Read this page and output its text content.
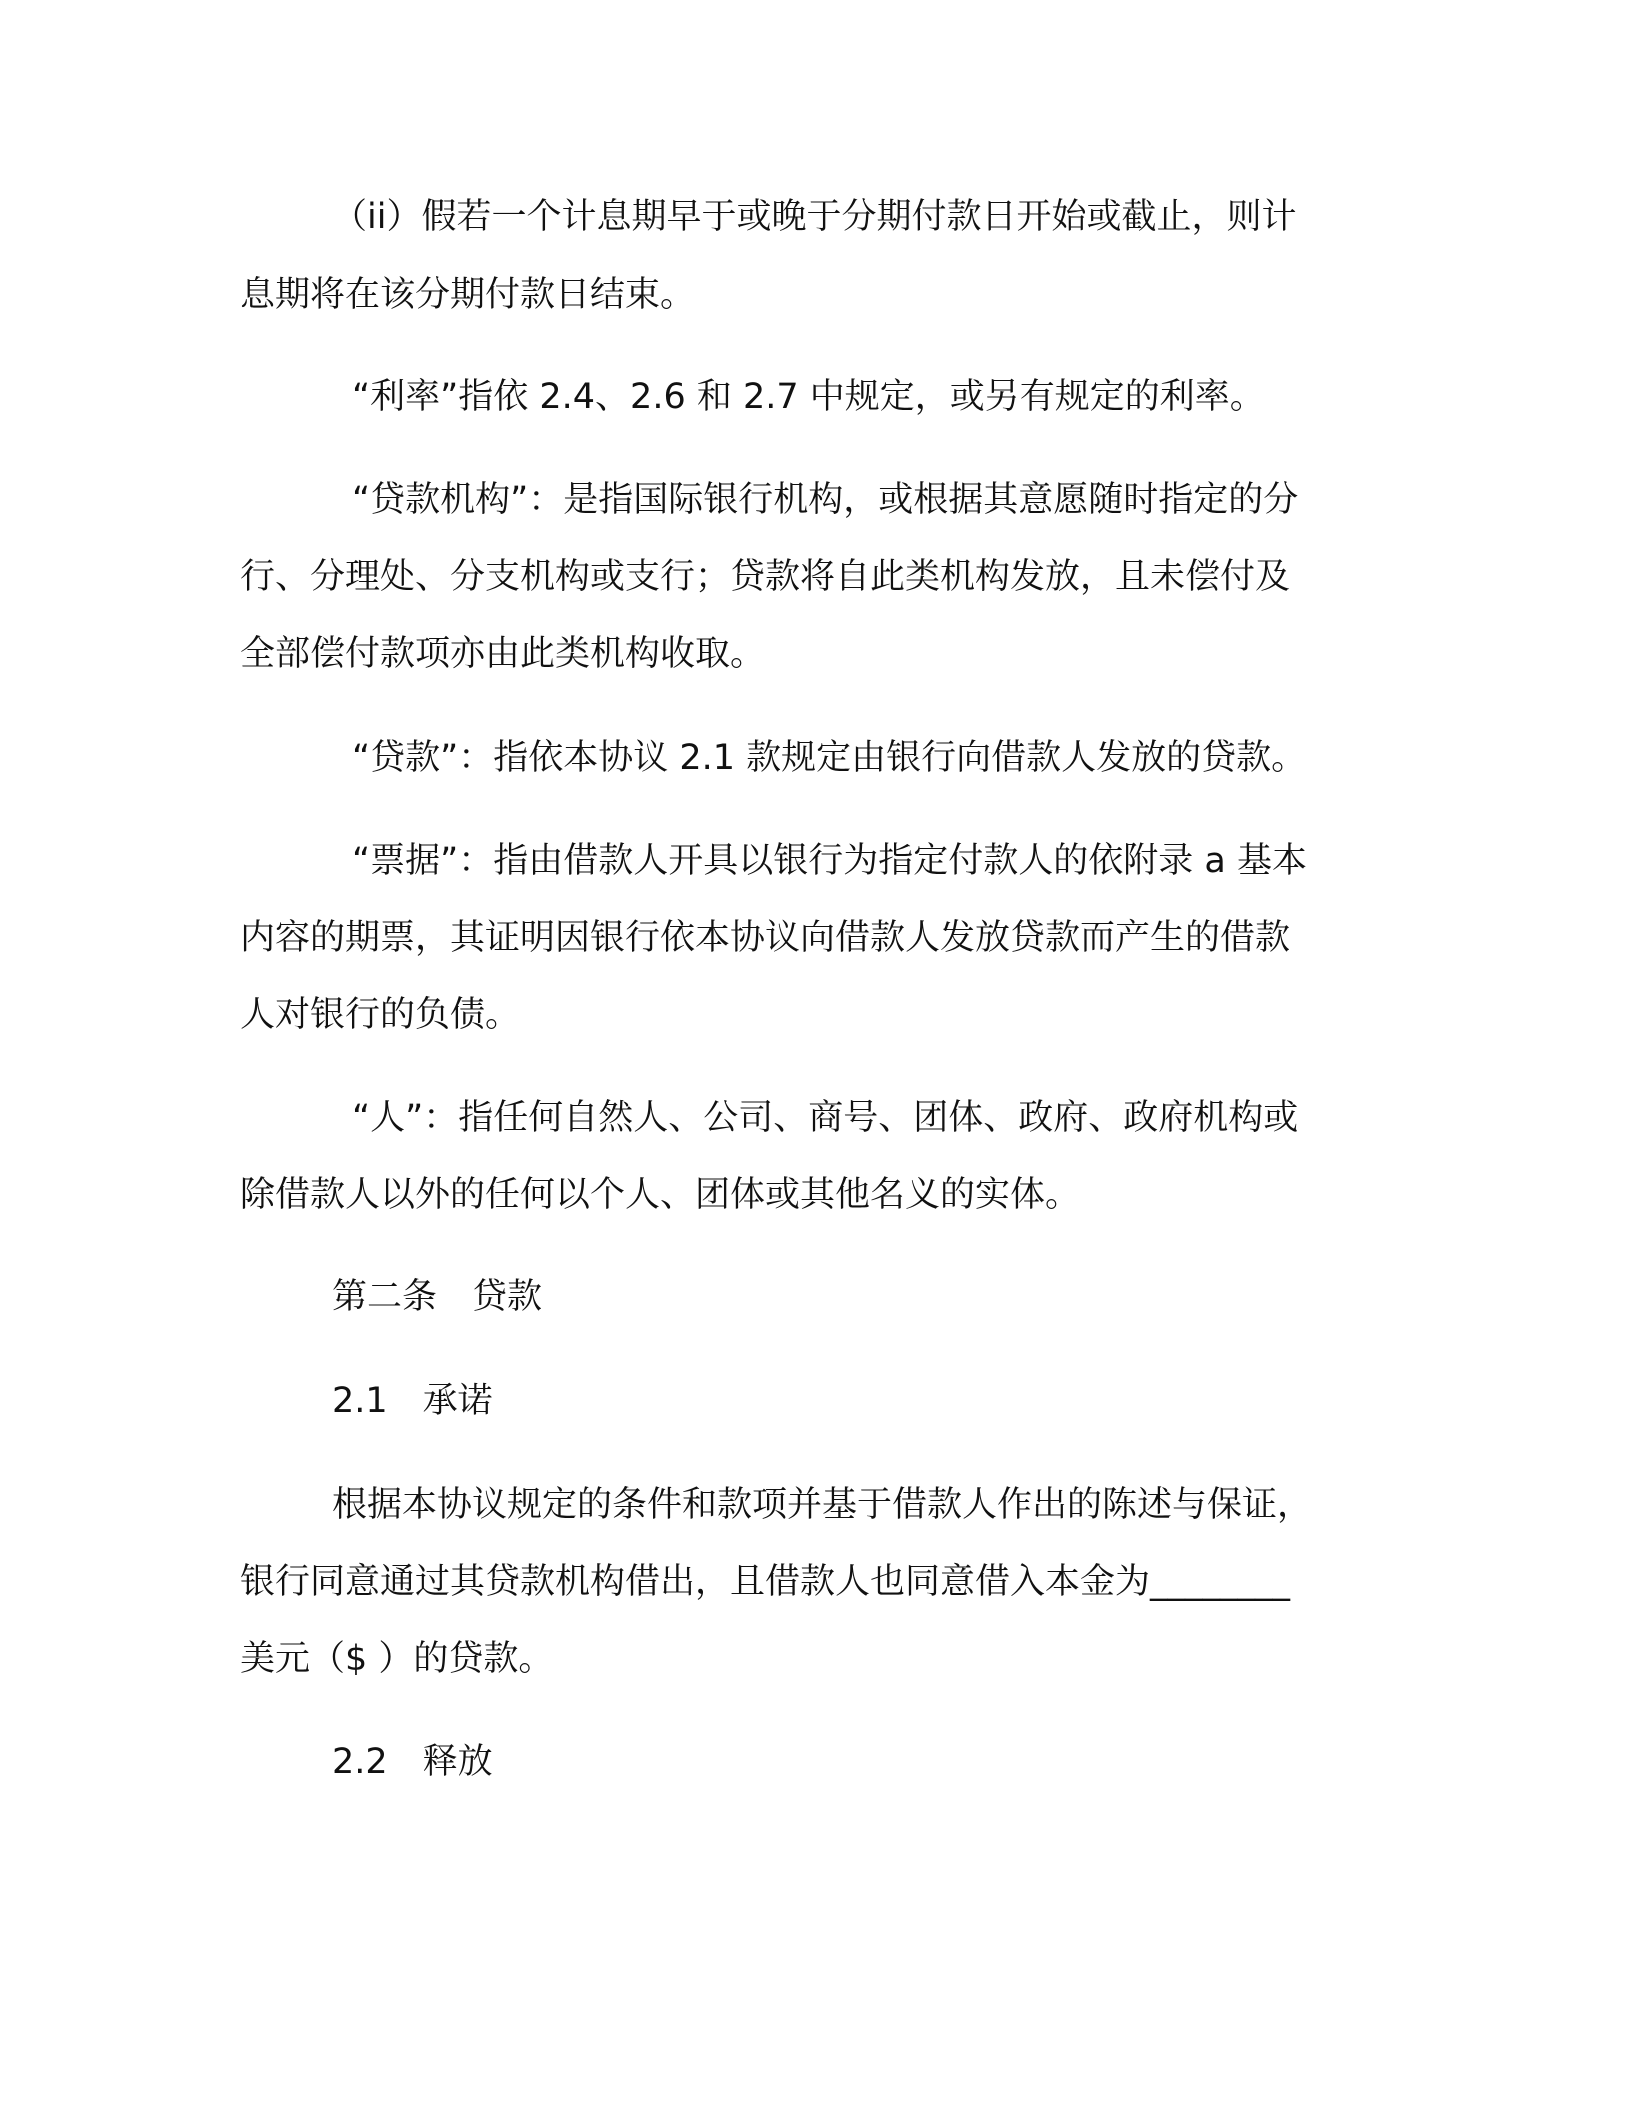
（ii）假若一个计息期早于或晚于分期付款日开始或截止，则计
息期将在该分期付款日结束。
“利率”指依 2.4、2.6 和 2.7 中规定，或另有规定的利率。
“贷款机构”：是指国际银行机构，或根据其意愿随时指定的分
行、分理处、分支机构或支行；贷款将自此类机构发放，且未偿付及
全部偿付款项亦由此类机构收取。
“贷款”：指依本协议 2.1 款规定由银行向借款人发放的贷款。
“票据”：指由借款人开具以银行为指定付款人的依附录 a 基本
内容的期票，其证明因银行依本协议向借款人发放贷款而产生的借款
人对银行的负债。
“人”：指任何自然人、公司、商号、团体、政府、政府机构或
除借款人以外的任何以个人、团体或其他名义的实体。
第二条　贷款
2.1　承诺
根据本协议规定的条件和款项并基于借款人作出的陈述与保证，
银行同意通过其贷款机构借出，且借款人也同意借入本金为________
美元（$ ）的贷款。
2.2　释放
